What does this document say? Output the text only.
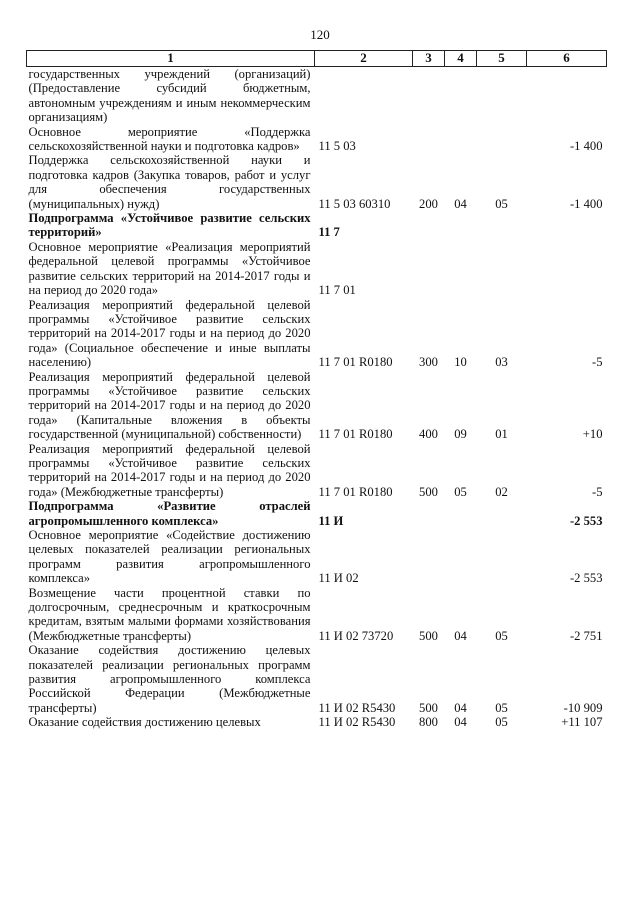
120
1	2	3	4	5	6
государственных учреждений (организаций) (Предоставление субсидий бюджетным, автономным учреждениям и иным некоммерческим организациям)					
Основное мероприятие «Поддержка сельскохозяйственной науки и подготовка кадров»	11 5 03				-1 400
Поддержка сельскохозяйственной науки и подготовка кадров (Закупка товаров, работ и услуг для обеспечения государственных (муниципальных) нужд)	11 5 03 60310	200	04	05	-1 400
Подпрограмма «Устойчивое развитие сельских территорий»	11 7				
Основное мероприятие «Реализация мероприятий федеральной целевой программы «Устойчивое развитие сельских территорий на 2014-2017 годы и на период до 2020 года»	11 7 01				
Реализация мероприятий федеральной целевой программы «Устойчивое развитие сельских территорий на 2014-2017 годы и на период до 2020 года» (Социальное обеспечение и иные выплаты населению)	11 7 01 R0180	300	10	03	-5
Реализация мероприятий федеральной целевой программы «Устойчивое развитие сельских территорий на 2014-2017 годы и на период до 2020 года» (Капитальные вложения в объекты государственной (муниципальной) собственности)	11 7 01 R0180	400	09	01	+10
Реализация мероприятий федеральной целевой программы «Устойчивое развитие сельских территорий на 2014-2017 годы и на период до 2020 года» (Межбюджетные трансферты)	11 7 01 R0180	500	05	02	-5
Подпрограмма «Развитие отраслей агропромышленного комплекса»	11 И				-2 553
Основное мероприятие «Содействие достижению целевых показателей реализации региональных программ развития агропромышленного комплекса»	11 И 02				-2 553
Возмещение части процентной ставки по долгосрочным, среднесрочным и краткосрочным кредитам, взятым малыми формами хозяйствования (Межбюджетные трансферты)	11 И 02 73720	500	04	05	-2 751
Оказание содействия достижению целевых показателей реализации региональных программ развития агропромышленного комплекса Российской Федерации (Межбюджетные трансферты)	11 И 02 R5430	500	04	05	-10 909
Оказание содействия достижению целевых	11 И 02 R5430	800	04	05	+11 107
